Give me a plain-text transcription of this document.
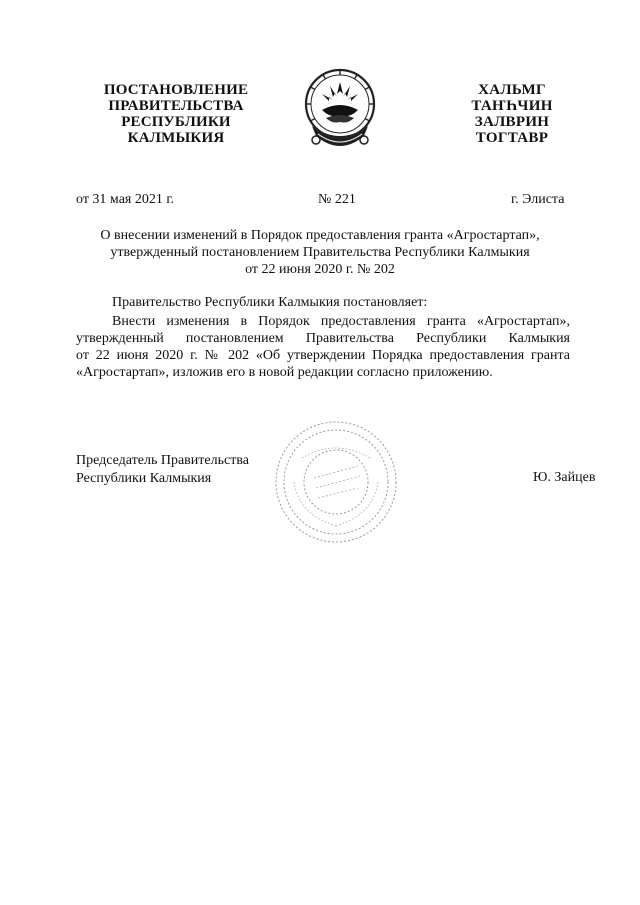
ПОСТАНОВЛЕНИЕ
ПРАВИТЕЛЬСТВА
РЕСПУБЛИКИ
КАЛМЫКИЯ
ХАЛЬМГ
ТАҤҺЧИН
ЗАЛВРИН
ТОГТАВР
от 31 мая 2021 г.	№ 221	г. Элиста
О внесении изменений в Порядок предоставления гранта «Агростартап»,
утвержденный постановлением Правительства Республики Калмыкия
от 22 июня 2020 г. № 202
Правительство Республики Калмыкия постановляет:
Внести изменения в Порядок предоставления гранта «Агростартап»,
утвержденный постановлением Правительства Республики Калмыкия
от 22 июня 2020 г. № 202 «Об утверждении Порядка предоставления гранта
«Агростартап», изложив его в новой редакции согласно приложению.
Председатель Правительства
Республики Калмыкия	Ю. Зайцев
